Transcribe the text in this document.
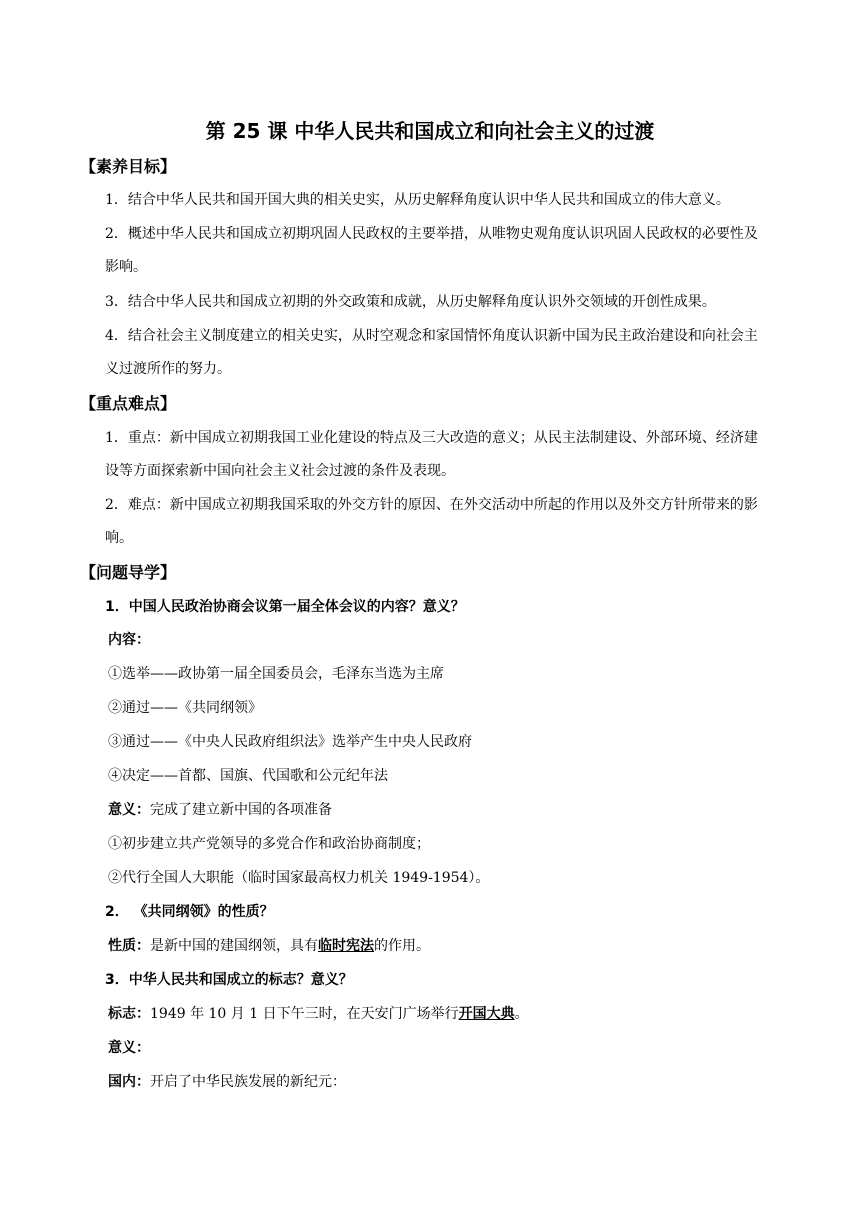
第 25 课 中华人民共和国成立和向社会主义的过渡
【素养目标】
1．结合中华人民共和国开国大典的相关史实，从历史解释角度认识中华人民共和国成立的伟大意义。
2．概述中华人民共和国成立初期巩固人民政权的主要举措，从唯物史观角度认识巩固人民政权的必要性及
影响。
3．结合中华人民共和国成立初期的外交政策和成就，从历史解释角度认识外交领域的开创性成果。
4．结合社会主义制度建立的相关史实，从时空观念和家国情怀角度认识新中国为民主政治建设和向社会主
义过渡所作的努力。
【重点难点】
1．重点：新中国成立初期我国工业化建设的特点及三大改造的意义；从民主法制建设、外部环境、经济建
设等方面探索新中国向社会主义社会过渡的条件及表现。
2．难点：新中国成立初期我国采取的外交方针的原因、在外交活动中所起的作用以及外交方针所带来的影
响。
【问题导学】
1．中国人民政治协商会议第一届全体会议的内容？意义？
内容：
①选举——政协第一届全国委员会，毛泽东当选为主席
②通过——《共同纲领》
③通过——《中央人民政府组织法》选举产生中央人民政府
④决定——首都、国旗、代国歌和公元纪年法
意义：完成了建立新中国的各项准备
①初步建立共产党领导的多党合作和政治协商制度；
②代行全国人大职能（临时国家最高权力机关 1949-1954）。
2． 《共同纲领》的性质？
性质：是新中国的建国纲领，具有临时宪法的作用。
3．中华人民共和国成立的标志？意义？
标志：1949 年 10 月 1 日下午三时，在天安门广场举行开国大典。
意义：
国内：开启了中华民族发展的新纪元：
